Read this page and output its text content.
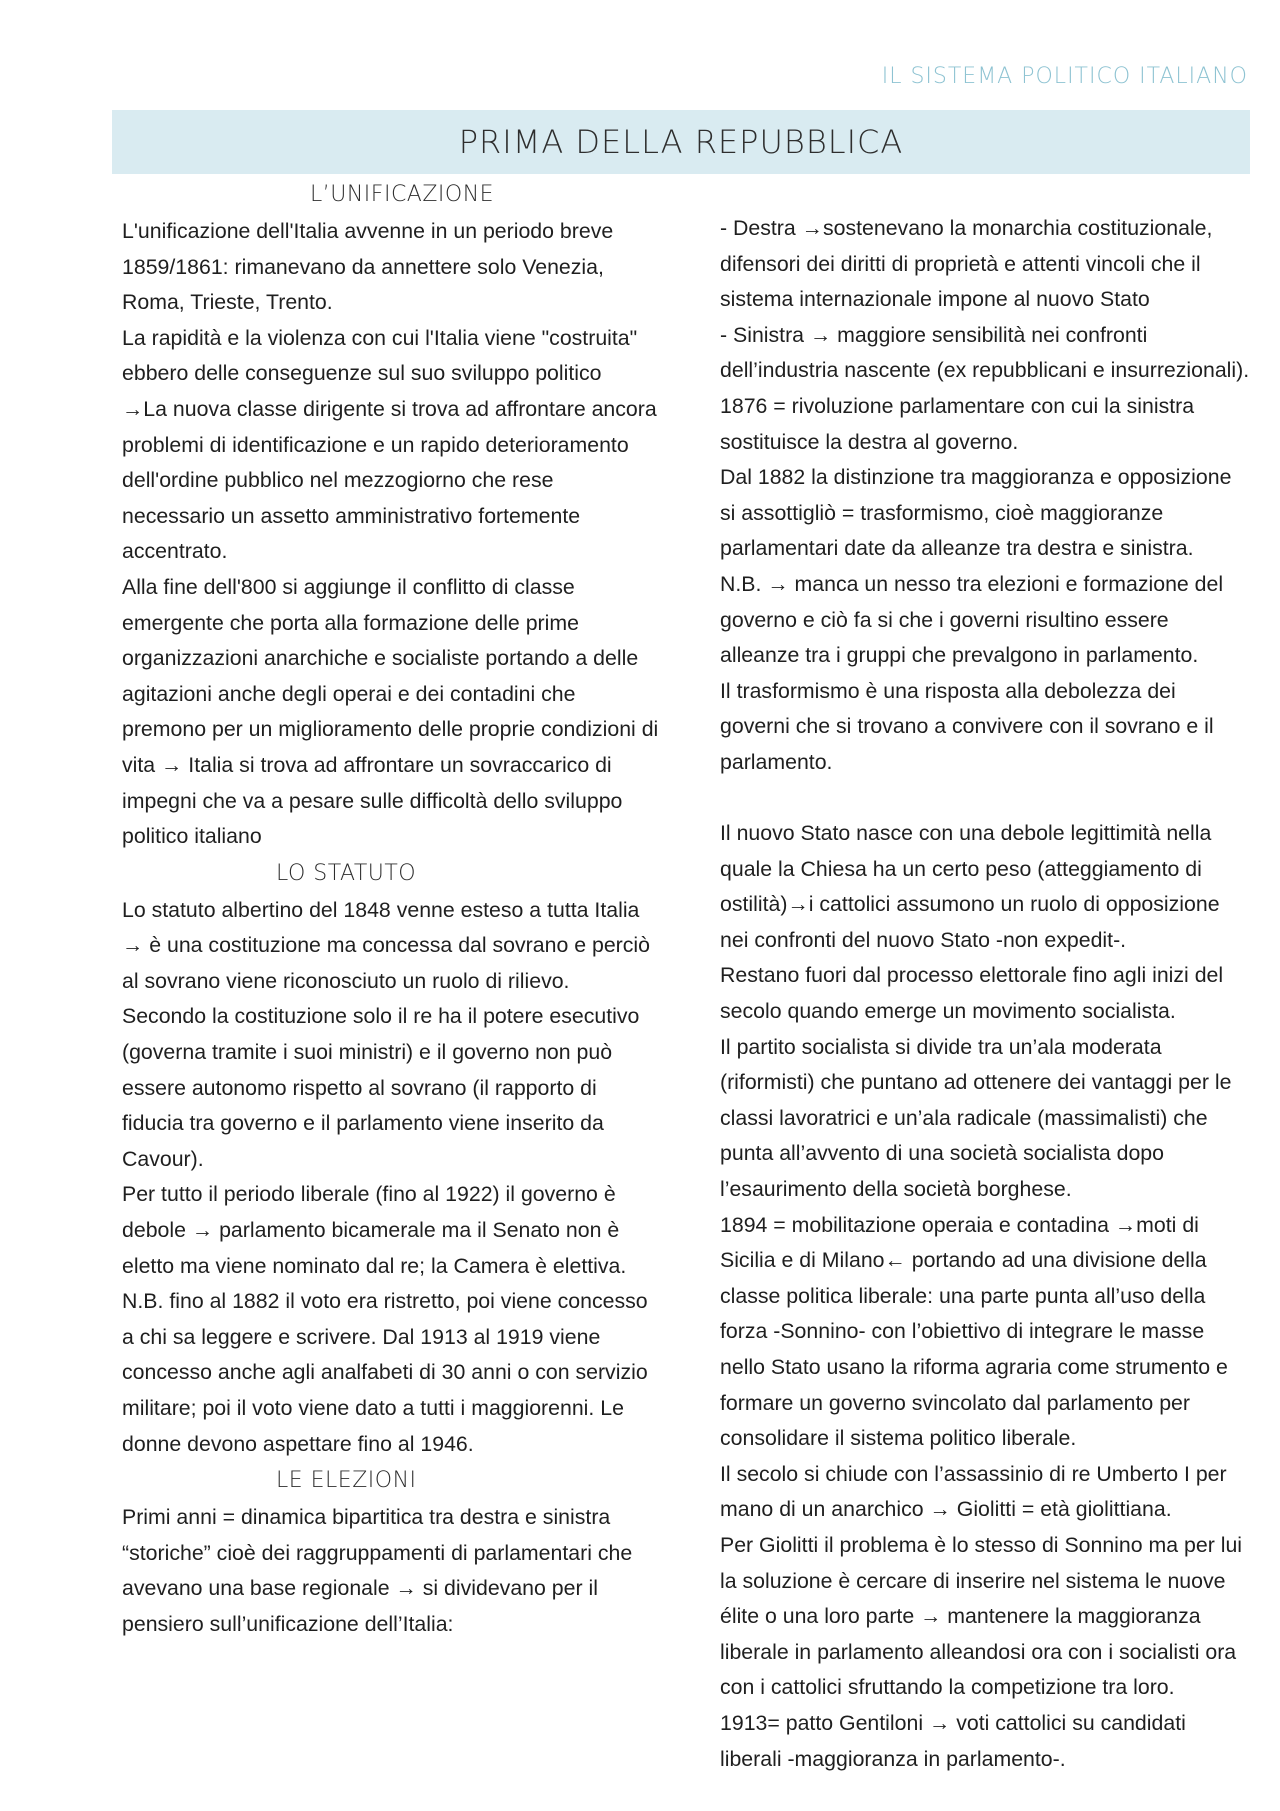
IL SISTEMA POLITICO ITALIANO
PRIMA DELLA REPUBBLICA
L’UNIFICAZIONE

L'unificazione dell'Italia avvenne in un periodo breve 1859/1861: rimanevano da annettere solo Venezia, Roma, Trieste, Trento.

La rapidità e la violenza con cui l'Italia viene "costruita" ebbero delle conseguenze sul suo sviluppo politico

→La nuova classe dirigente si trova ad affrontare ancora problemi di identificazione e un rapido deterioramento dell'ordine pubblico nel mezzogiorno che rese necessario un assetto amministrativo fortemente accentrato.

Alla fine dell'800 si aggiunge il conflitto di classe emergente che porta alla formazione delle prime organizzazioni anarchiche e socialiste portando a delle agitazioni anche degli operai e dei contadini che premono per un miglioramento delle proprie condizioni di vita → Italia si trova ad affrontare un sovraccarico di impegni che va a pesare sulle difficoltà dello sviluppo politico italiano

LO STATUTO

Lo statuto albertino del 1848 venne esteso a tutta Italia → è una costituzione ma concessa dal sovrano e perciò al sovrano viene riconosciuto un ruolo di rilievo.

Secondo la costituzione solo il re ha il potere esecutivo (governa tramite i suoi ministri) e il governo non può essere autonomo rispetto al sovrano (il rapporto di fiducia tra governo e il parlamento viene inserito da Cavour).

Per tutto il periodo liberale (fino al 1922) il governo è debole → parlamento bicamerale ma il Senato non è eletto ma viene nominato dal re; la Camera è elettiva.

N.B. fino al 1882 il voto era ristretto, poi viene concesso a chi sa leggere e scrivere. Dal 1913 al 1919 viene concesso anche agli analfabeti di 30 anni o con servizio militare; poi il voto viene dato a tutti i maggiorenni. Le donne devono aspettare fino al 1946.

LE ELEZIONI

Primi anni = dinamica bipartitica tra destra e sinistra “storiche” cioè dei raggruppamenti di parlamentari che avevano una base regionale → si dividevano per il pensiero sull’unificazione dell’Italia:

- Destra →sostenevano la monarchia costituzionale, difensori dei diritti di proprietà e attenti vincoli che il sistema internazionale impone al nuovo Stato

- Sinistra → maggiore sensibilità nei confronti dell’industria nascente (ex repubblicani e insurrezionali).

1876 = rivoluzione parlamentare con cui la sinistra sostituisce la destra al governo.

Dal 1882 la distinzione tra maggioranza e opposizione si assottigliò = trasformismo, cioè maggioranze parlamentari date da alleanze tra destra e sinistra.

N.B. → manca un nesso tra elezioni e formazione del governo e ciò fa si che i governi risultino essere alleanze tra i gruppi che prevalgono in parlamento.

Il trasformismo è una risposta alla debolezza dei governi che si trovano a convivere con il sovrano e il parlamento.

Il nuovo Stato nasce con una debole legittimità nella quale la Chiesa ha un certo peso (atteggiamento di ostilità)→i cattolici assumono un ruolo di opposizione nei confronti del nuovo Stato -non expedit-.

Restano fuori dal processo elettorale fino agli inizi del secolo quando emerge un movimento socialista.

Il partito socialista si divide tra un’ala moderata (riformisti) che puntano ad ottenere dei vantaggi per le classi lavoratrici e un’ala radicale (massimalisti) che punta all’avvento di una società socialista dopo l’esaurimento della società borghese.

1894 = mobilitazione operaia e contadina →moti di Sicilia e di Milano← portando ad una divisione della classe politica liberale: una parte punta all’uso della forza -Sonnino- con l’obiettivo di integrare le masse nello Stato usano la riforma agraria come strumento e formare un governo svincolato dal parlamento per consolidare il sistema politico liberale.

Il secolo si chiude con l’assassinio di re Umberto I per mano di un anarchico → Giolitti = età giolittiana.

Per Giolitti il problema è lo stesso di Sonnino ma per lui la soluzione è cercare di inserire nel sistema le nuove élite o una loro parte → mantenere la maggioranza liberale in parlamento alleandosi ora con i socialisti ora con i cattolici sfruttando la competizione tra loro.

1913= patto Gentiloni → voti cattolici su candidati liberali -maggioranza in parlamento-.
